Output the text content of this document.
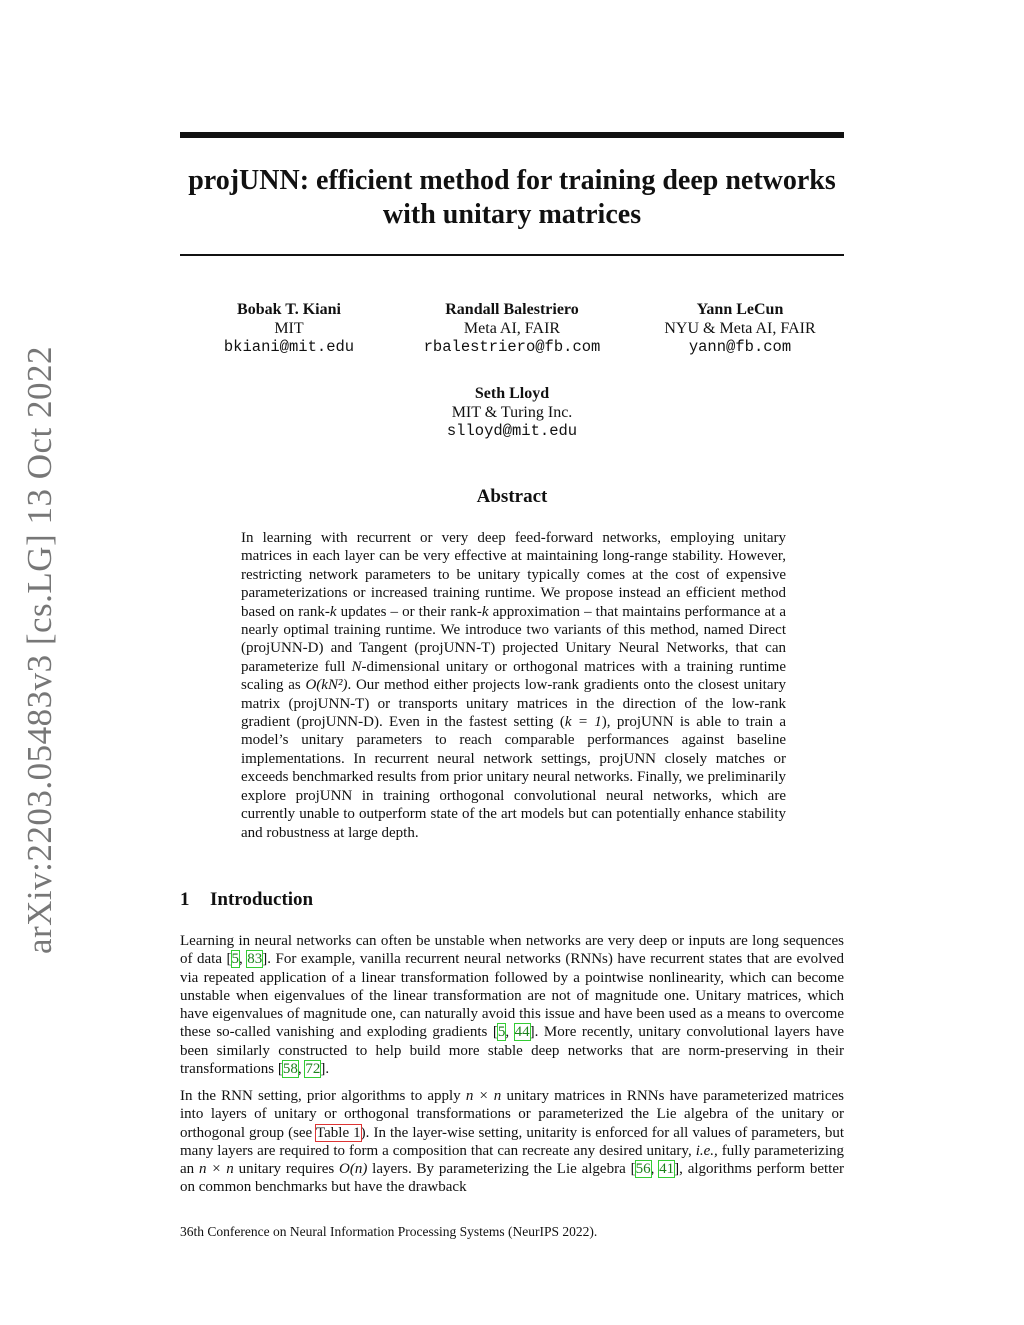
arXiv:2203.05483v3 [cs.LG] 13 Oct 2022
projUNN: efficient method for training deep networks
with unitary matrices
Bobak T. Kiani
MIT
bkiani@mit.edu
Randall Balestriero
Meta AI, FAIR
rbalestriero@fb.com
Yann LeCun
NYU & Meta AI, FAIR
yann@fb.com
Seth Lloyd
MIT & Turing Inc.
slloyd@mit.edu
Abstract
In learning with recurrent or very deep feed-forward networks, employing unitary matrices in each layer can be very effective at maintaining long-range stability. However, restricting network parameters to be unitary typically comes at the cost of expensive parameterizations or increased training runtime. We propose instead an efficient method based on rank-k updates – or their rank-k approximation – that maintains performance at a nearly optimal training runtime. We introduce two variants of this method, named Direct (projUNN-D) and Tangent (projUNN-T) projected Unitary Neural Networks, that can parameterize full N-dimensional unitary or orthogonal matrices with a training runtime scaling as O(kN²). Our method either projects low-rank gradients onto the closest unitary matrix (projUNN-T) or transports unitary matrices in the direction of the low-rank gradient (projUNN-D). Even in the fastest setting (k = 1), projUNN is able to train a model’s unitary parameters to reach comparable performances against baseline implementations. In recurrent neural network settings, projUNN closely matches or exceeds benchmarked results from prior unitary neural networks. Finally, we preliminarily explore projUNN in training orthogonal convolutional neural networks, which are currently unable to outperform state of the art models but can potentially enhance stability and robustness at large depth.
1 Introduction
Learning in neural networks can often be unstable when networks are very deep or inputs are long sequences of data [5, 83]. For example, vanilla recurrent neural networks (RNNs) have recurrent states that are evolved via repeated application of a linear transformation followed by a pointwise nonlinearity, which can become unstable when eigenvalues of the linear transformation are not of magnitude one. Unitary matrices, which have eigenvalues of magnitude one, can naturally avoid this issue and have been used as a means to overcome these so-called vanishing and exploding gradients [5, 44]. More recently, unitary convolutional layers have been similarly constructed to help build more stable deep networks that are norm-preserving in their transformations [58, 72].
In the RNN setting, prior algorithms to apply n × n unitary matrices in RNNs have parameterized matrices into layers of unitary or orthogonal transformations or parameterized the Lie algebra of the unitary or orthogonal group (see Table 1). In the layer-wise setting, unitarity is enforced for all values of parameters, but many layers are required to form a composition that can recreate any desired unitary, i.e., fully parameterizing an n × n unitary requires O(n) layers. By parameterizing the Lie algebra [56, 41], algorithms perform better on common benchmarks but have the drawback
36th Conference on Neural Information Processing Systems (NeurIPS 2022).
